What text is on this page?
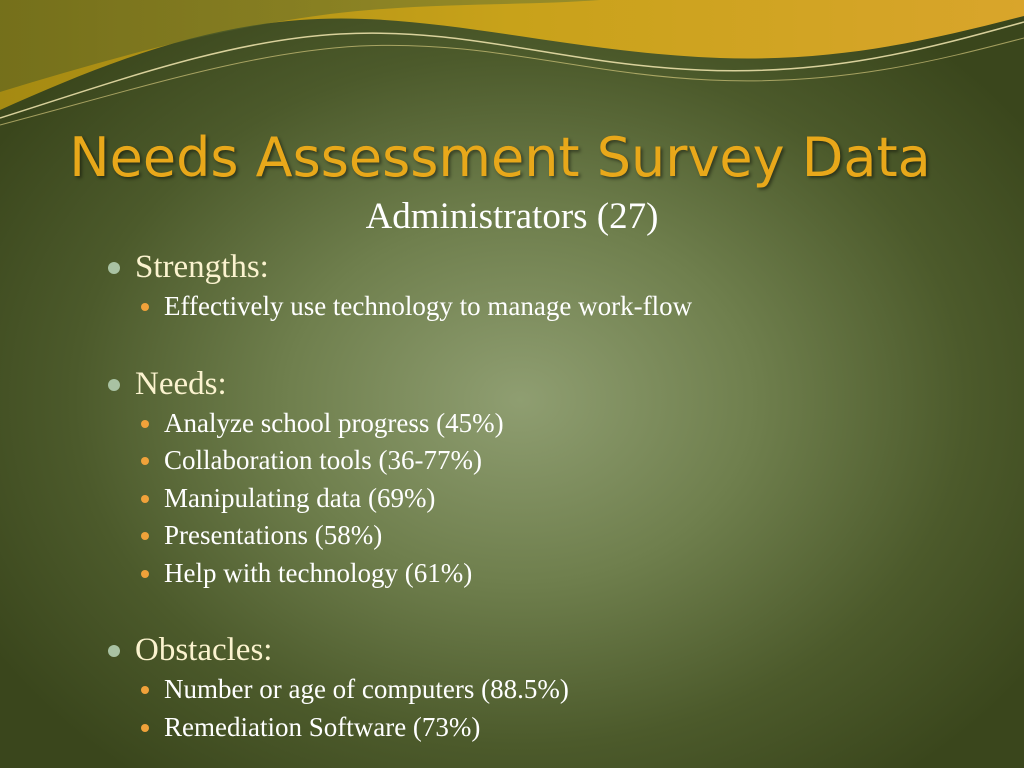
Needs Assessment Survey Data
Administrators (27)
Strengths:
Effectively use technology to manage work-flow
Needs:
Analyze school progress (45%)
Collaboration tools (36-77%)
Manipulating data (69%)
Presentations (58%)
Help with technology (61%)
Obstacles:
Number or age of computers (88.5%)
Remediation Software (73%)
